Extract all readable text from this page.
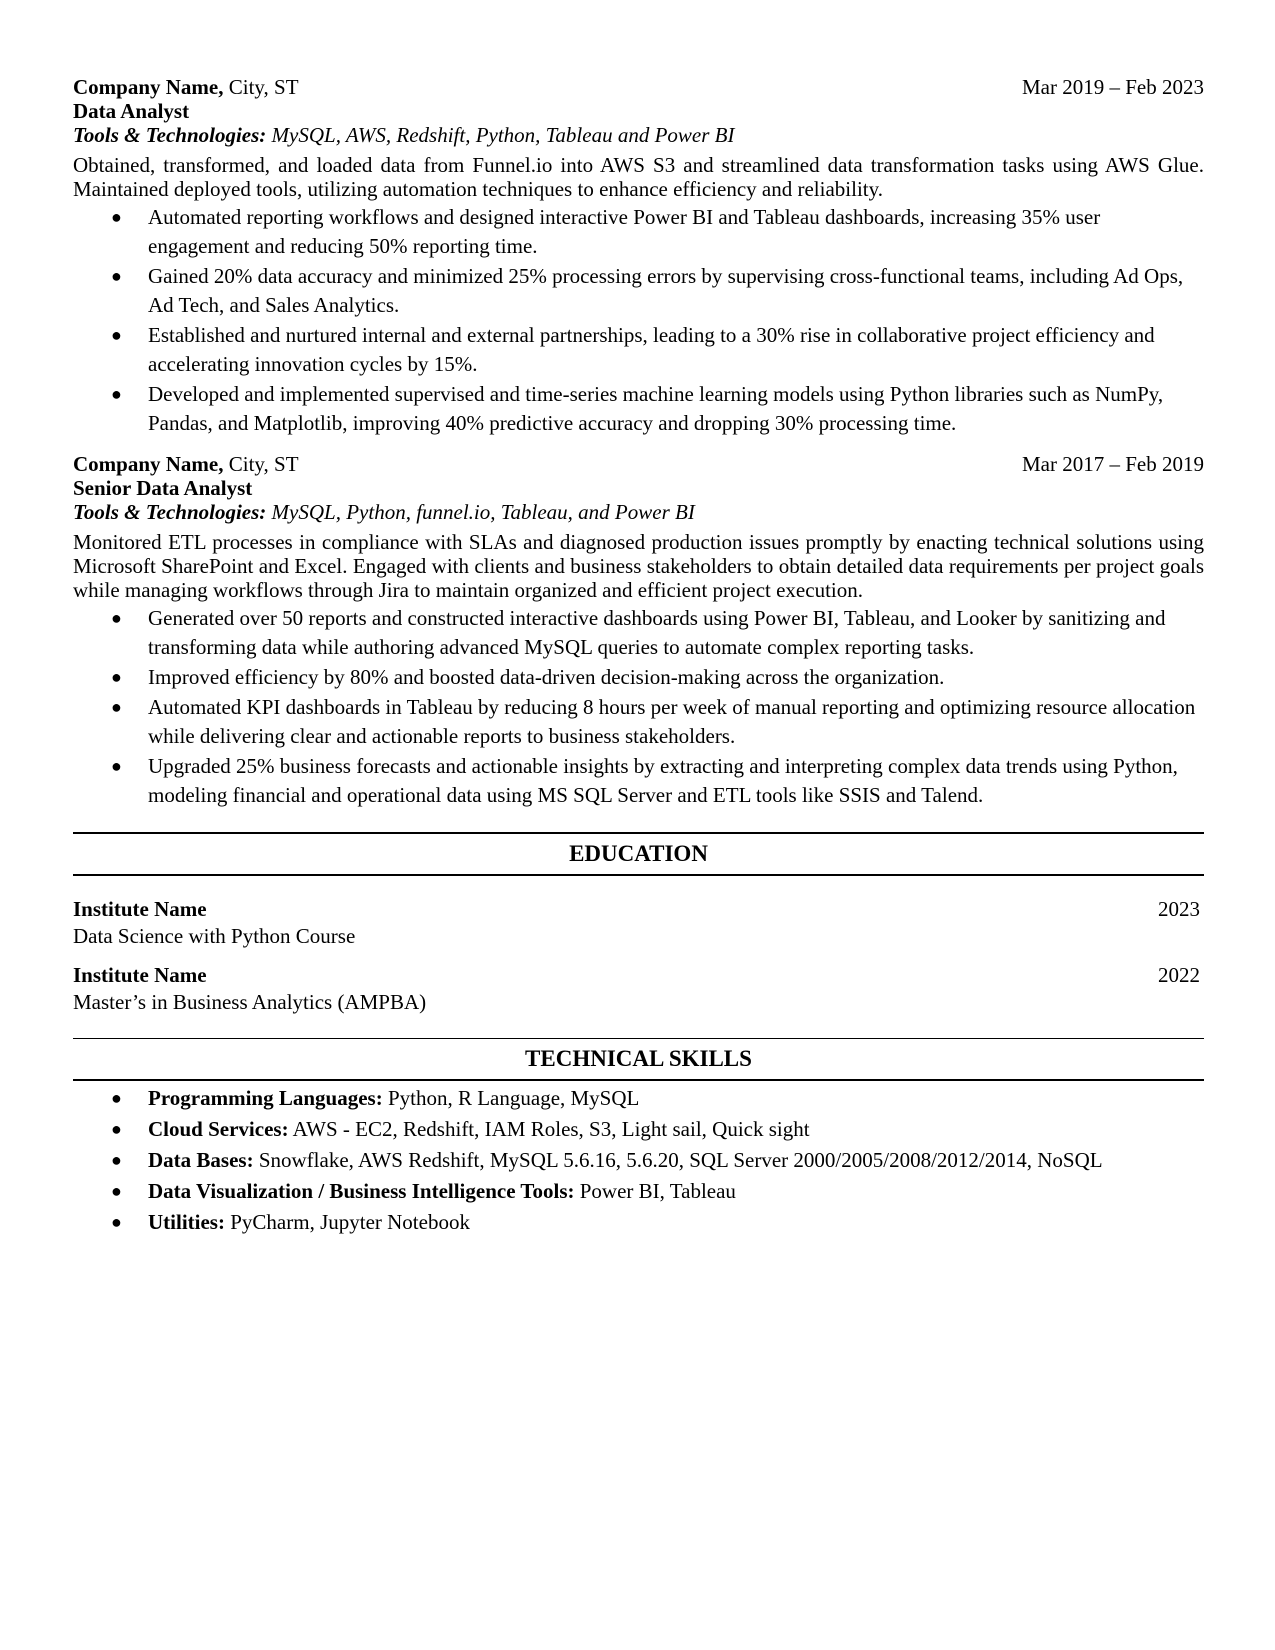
Company Name, City, ST	Mar 2019 – Feb 2023
Data Analyst
Tools & Technologies: MySQL, AWS, Redshift, Python, Tableau and Power BI
Obtained, transformed, and loaded data from Funnel.io into AWS S3 and streamlined data transformation tasks using AWS Glue. Maintained deployed tools, utilizing automation techniques to enhance efficiency and reliability.
● Automated reporting workflows and designed interactive Power BI and Tableau dashboards, increasing 35% user engagement and reducing 50% reporting time.
● Gained 20% data accuracy and minimized 25% processing errors by supervising cross-functional teams, including Ad Ops, Ad Tech, and Sales Analytics.
● Established and nurtured internal and external partnerships, leading to a 30% rise in collaborative project efficiency and accelerating innovation cycles by 15%.
● Developed and implemented supervised and time-series machine learning models using Python libraries such as NumPy, Pandas, and Matplotlib, improving 40% predictive accuracy and dropping 30% processing time.
Company Name, City, ST	Mar 2017 – Feb 2019
Senior Data Analyst
Tools & Technologies: MySQL, Python, funnel.io, Tableau, and Power BI
Monitored ETL processes in compliance with SLAs and diagnosed production issues promptly by enacting technical solutions using Microsoft SharePoint and Excel. Engaged with clients and business stakeholders to obtain detailed data requirements per project goals while managing workflows through Jira to maintain organized and efficient project execution.
● Generated over 50 reports and constructed interactive dashboards using Power BI, Tableau, and Looker by sanitizing and transforming data while authoring advanced MySQL queries to automate complex reporting tasks.
● Improved efficiency by 80% and boosted data-driven decision-making across the organization.
● Automated KPI dashboards in Tableau by reducing 8 hours per week of manual reporting and optimizing resource allocation while delivering clear and actionable reports to business stakeholders.
● Upgraded 25% business forecasts and actionable insights by extracting and interpreting complex data trends using Python, modeling financial and operational data using MS SQL Server and ETL tools like SSIS and Talend.
EDUCATION
Institute Name	2023
Data Science with Python Course
Institute Name	2022
Master’s in Business Analytics (AMPBA)
TECHNICAL SKILLS
● Programming Languages: Python, R Language, MySQL
● Cloud Services: AWS - EC2, Redshift, IAM Roles, S3, Light sail, Quick sight
● Data Bases: Snowflake, AWS Redshift, MySQL 5.6.16, 5.6.20, SQL Server 2000/2005/2008/2012/2014, NoSQL
● Data Visualization / Business Intelligence Tools: Power BI, Tableau
● Utilities: PyCharm, Jupyter Notebook
